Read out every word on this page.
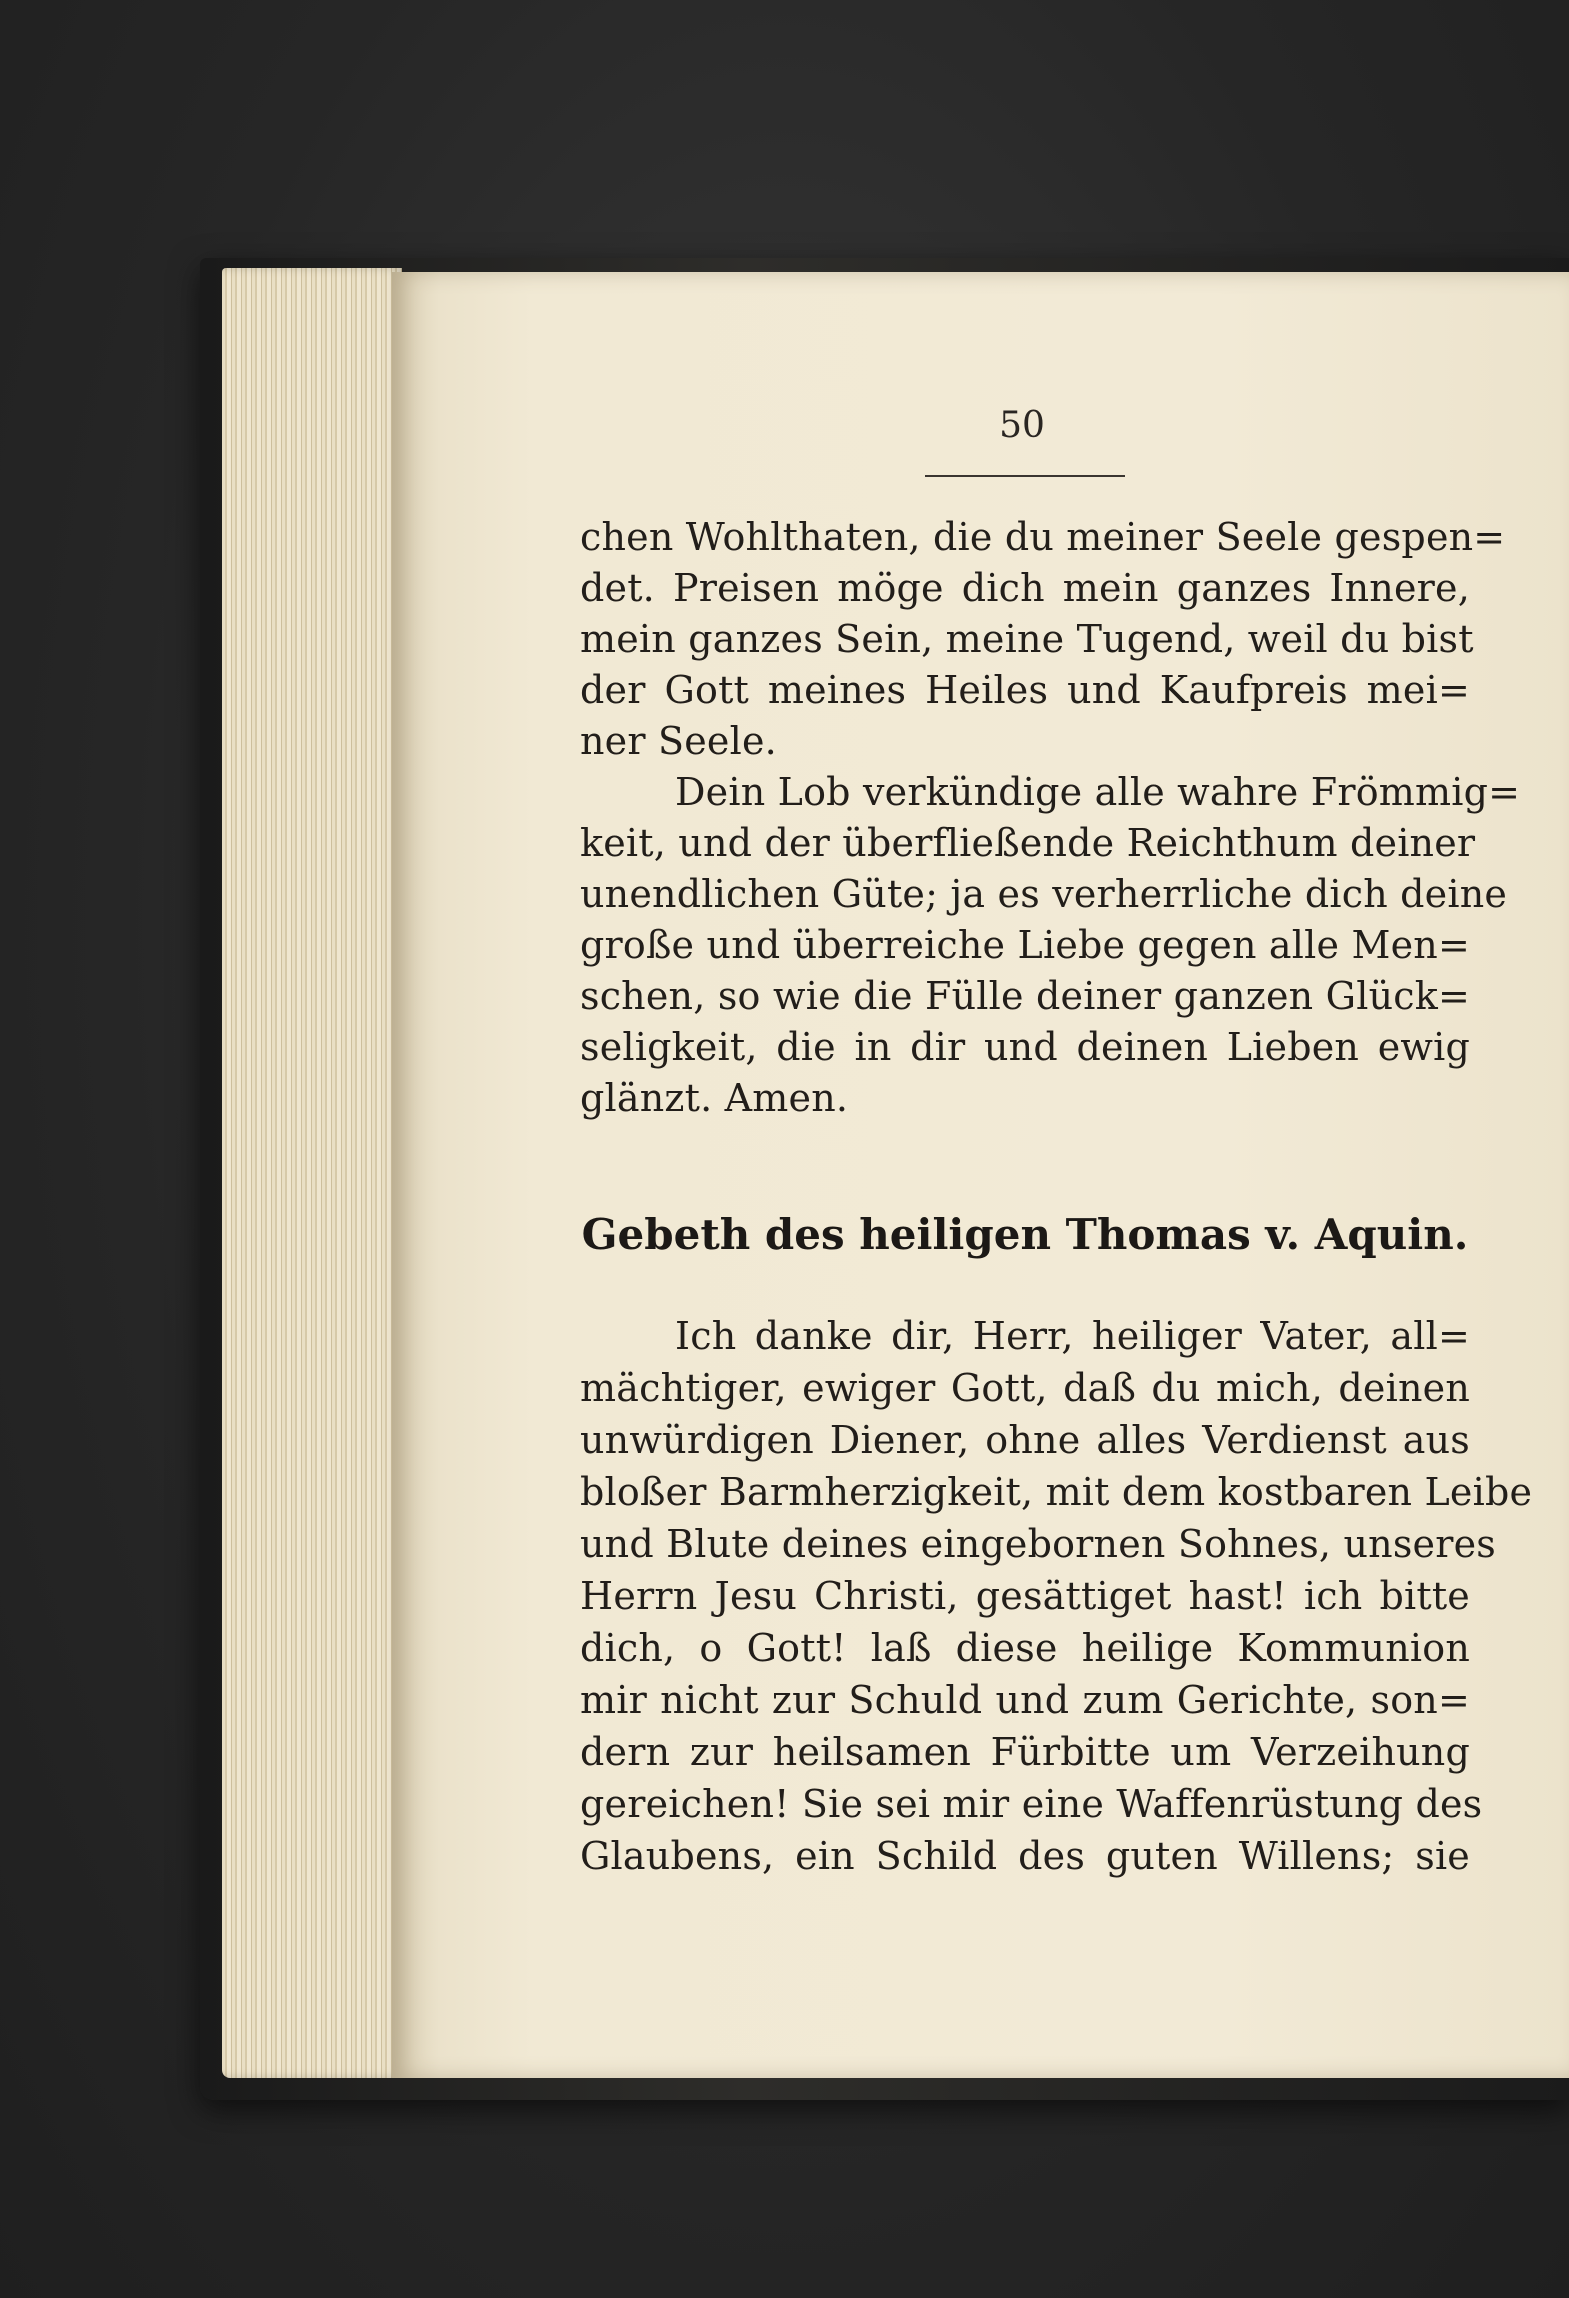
50
chen Wohlthaten, die du meiner Seele gespen=
det. Preisen möge dich mein ganzes Innere,
mein ganzes Sein, meine Tugend, weil du bist
der Gott meines Heiles und Kaufpreis mei=
ner Seele.
Dein Lob verkündige alle wahre Frömmig=
keit, und der überfließende Reichthum deiner
unendlichen Güte; ja es verherrliche dich deine
große und überreiche Liebe gegen alle Men=
schen, so wie die Fülle deiner ganzen Glück=
seligkeit, die in dir und deinen Lieben ewig
glänzt. Amen.
Gebeth des heiligen Thomas v. Aquin.
Ich danke dir, Herr, heiliger Vater, all=
mächtiger, ewiger Gott, daß du mich, deinen
unwürdigen Diener, ohne alles Verdienst aus
bloßer Barmherzigkeit, mit dem kostbaren Leibe
und Blute deines eingebornen Sohnes, unseres
Herrn Jesu Christi, gesättiget hast! ich bitte
dich, o Gott! laß diese heilige Kommunion
mir nicht zur Schuld und zum Gerichte, son=
dern zur heilsamen Fürbitte um Verzeihung
gereichen! Sie sei mir eine Waffenrüstung des
Glaubens, ein Schild des guten Willens; sie
